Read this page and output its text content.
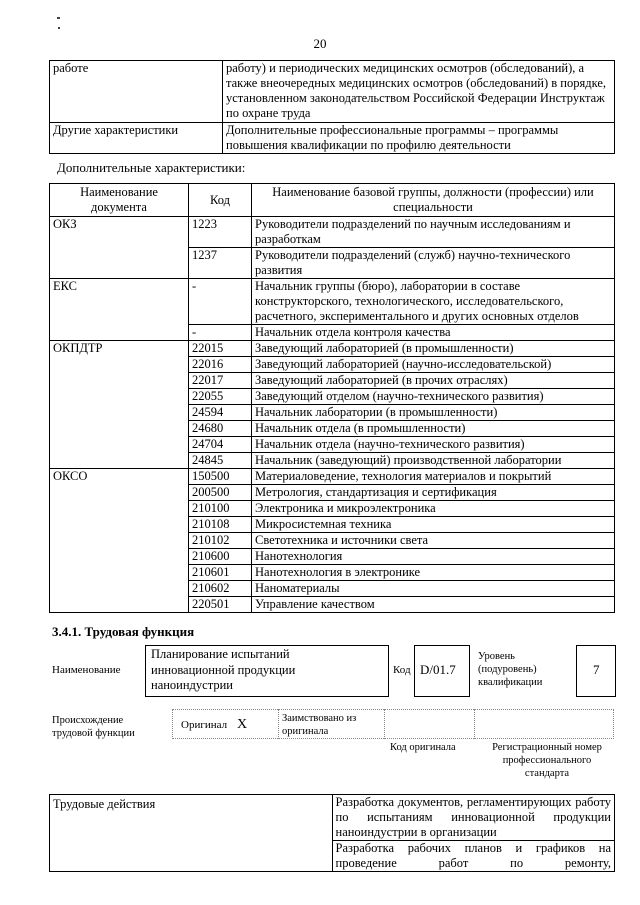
20
работе	работу) и периодических медицинских осмотров (обследований), а также внеочередных медицинских осмотров (обследований) в порядке, установленном законодательством Российской Федерации Инструктаж по охране труда
Другие характеристики	Дополнительные профессиональные программы – программы повышения квалификации по профилю деятельности
Дополнительные характеристики:
Наименование документа	Код	Наименование базовой группы, должности (профессии) или специальности
ОКЗ	1223	Руководители подразделений по научным исследованиям и разработкам
	1237	Руководители подразделений (служб) научно-технического развития
ЕКС	-	Начальник группы (бюро), лаборатории в составе конструкторского, технологического, исследовательского, расчетного, экспериментального и других основных отделов
	-	Начальник отдела контроля качества
ОКПДТР	22015	Заведующий лабораторией (в промышленности)
	22016	Заведующий лабораторией (научно-исследовательской)
	22017	Заведующий лабораторией (в прочих отраслях)
	22055	Заведующий отделом (научно-технического развития)
	24594	Начальник лаборатории (в промышленности)
	24680	Начальник отдела (в промышленности)
	24704	Начальник отдела (научно-технического развития)
	24845	Начальник (заведующий) производственной лаборатории
ОКСО	150500	Материаловедение, технология материалов и покрытий
	200500	Метрология, стандартизация и сертификация
	210100	Электроника и микроэлектроника
	210108	Микросистемная техника
	210102	Светотехника и источники света
	210600	Нанотехнология
	210601	Нанотехнология в электронике
	210602	Наноматериалы
	220501	Управление качеством
3.4.1. Трудовая функция
Наименование
Планирование испытаний инновационной продукции наноиндустрии
Код D/01.7
Уровень (подуровень) квалификации
7
Происхождение трудовой функции
Оригинал X	Заимствовано из оригинала
Код оригинала	Регистрационный номер профессионального стандарта
Трудовые действия	Разработка документов, регламентирующих работу по испытаниям инновационной продукции наноиндустрии в организации
Разработка рабочих планов и графиков на проведение работ по ремонту,
